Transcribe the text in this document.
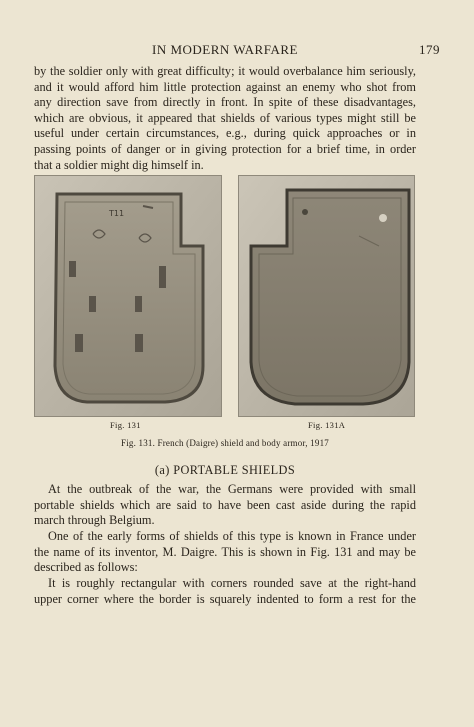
IN MODERN WARFARE	179

by the soldier only with great difficulty; it would overbalance him seriously,
and it would afford him little protection against an enemy who shot from
any direction save from directly in front. In spite of these disadvantages,
which are obvious, it appeared that shields of various types might still be
useful under certain circumstances, e.g., during quick approaches or in
passing points of danger or in giving protection for a brief time, in order
that a soldier might dig himself in.

T11
Fig. 131	Fig. 131A
Fig. 131. French (Daigre) shield and body armor, 1917
(a) PORTABLE SHIELDS

At the outbreak of the war, the Germans were provided with small
portable shields which are said to have been cast aside during the rapid
march through Belgium.

One of the early forms of shields of this type is known in France under
the name of its inventor, M. Daigre. This is shown in Fig. 131 and may be
described as follows:

It is roughly rectangular with corners rounded save at the right-hand
upper corner where the border is squarely indented to form a rest for the
